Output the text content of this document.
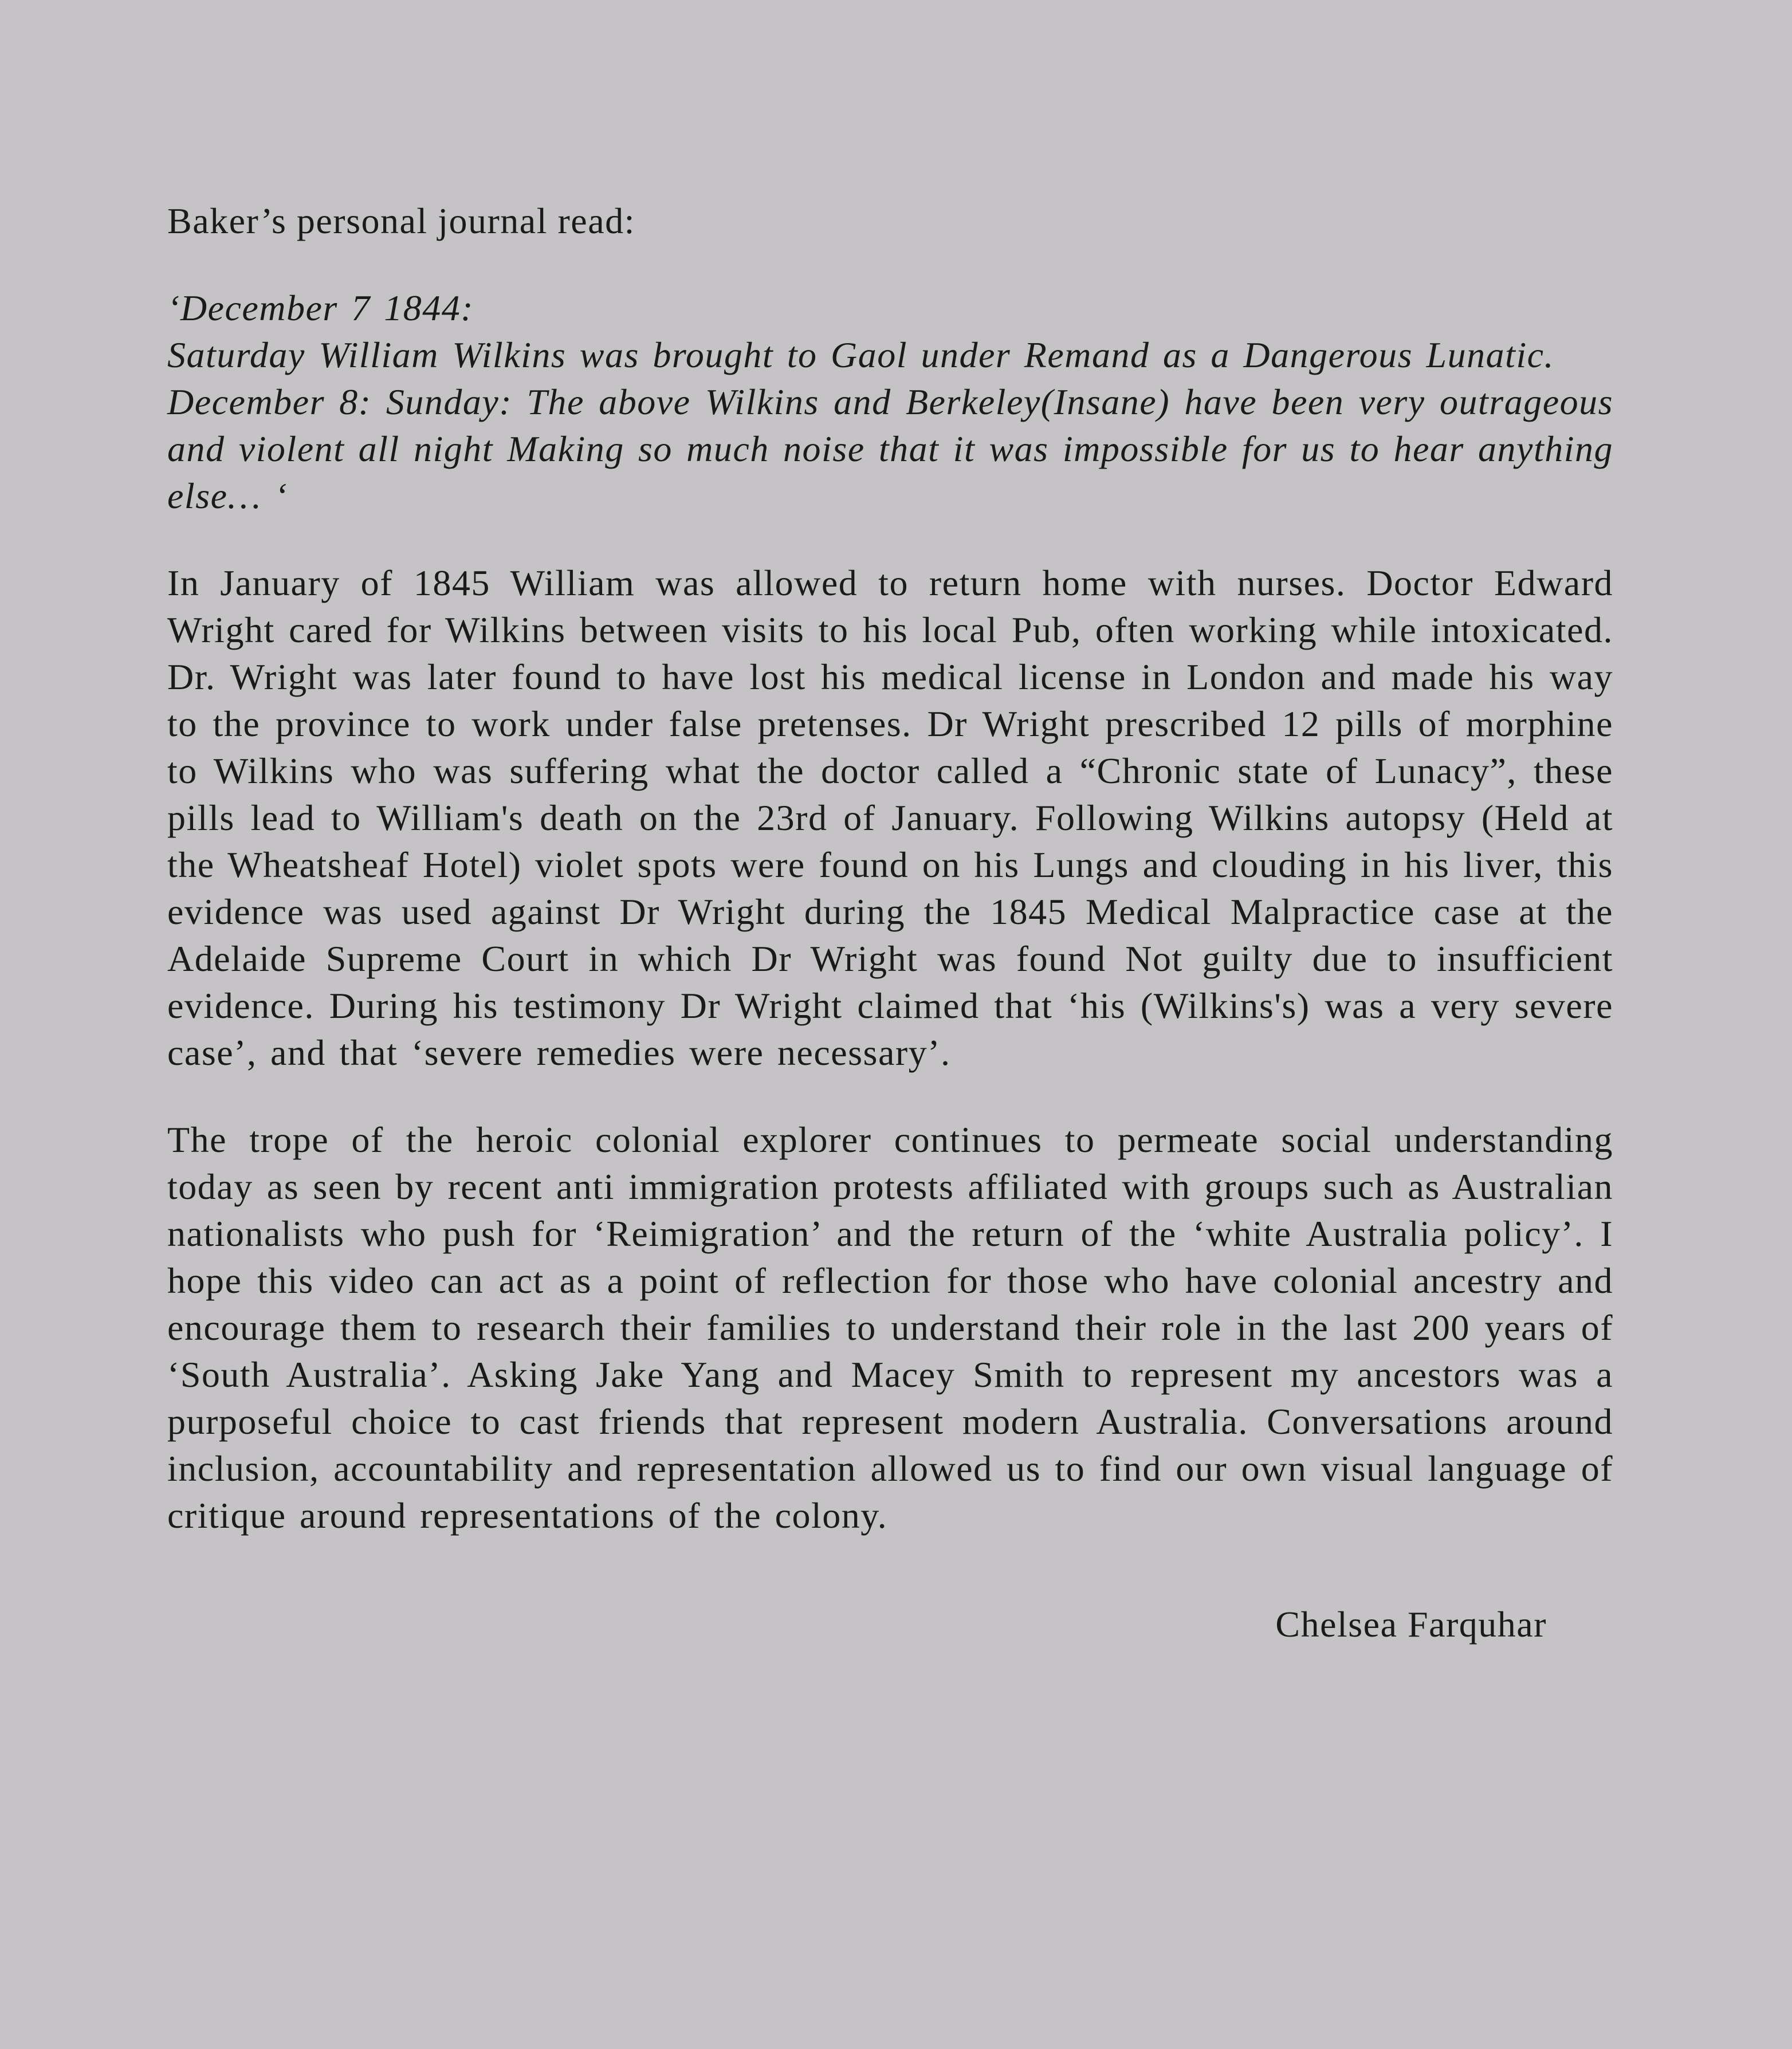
Baker’s personal journal read:

‘December 7 1844:

Saturday William Wilkins was brought to Gaol under Remand as a Dangerous Lunatic.

December 8: Sunday: The above Wilkins and Berkeley(Insane) have been very outrageous and violent all night Making so much noise that it was impossible for us to hear anything else… ‘

In January of 1845 William was allowed to return home with nurses. Doctor Edward Wright cared for Wilkins between visits to his local Pub, often working while intoxicated. Dr. Wright was later found to have lost his medical license in London and made his way to the province to work under false pretenses. Dr Wright prescribed 12 pills of morphine to Wilkins who was suffering what the doctor called a “Chronic state of Lunacy”, these pills lead to William's death on the 23rd of January. Following Wilkins autopsy (Held at the Wheatsheaf Hotel) violet spots were found on his Lungs and clouding in his liver, this evidence was used against Dr Wright during the 1845 Medical Malpractice case at the Adelaide Supreme Court in which Dr Wright was found Not guilty due to insufficient evidence. During his testimony Dr Wright claimed that ‘his (Wilkins's) was a very severe case’, and that ‘severe remedies were necessary’.

The trope of the heroic colonial explorer continues to permeate social understanding today as seen by recent anti immigration protests affiliated with groups such as Australian nationalists who push for ‘Reimigration’ and the return of the ‘white Australia policy’. I hope this video can act as a point of reflection for those who have colonial ancestry and encourage them to research their families to understand their role in the last 200 years of ‘South Australia’. Asking Jake Yang and Macey Smith to represent my ancestors was a purposeful choice to cast friends that represent modern Australia. Conversations around inclusion, accountability and representation allowed us to find our own visual language of critique around representations of the colony.

Chelsea Farquhar
